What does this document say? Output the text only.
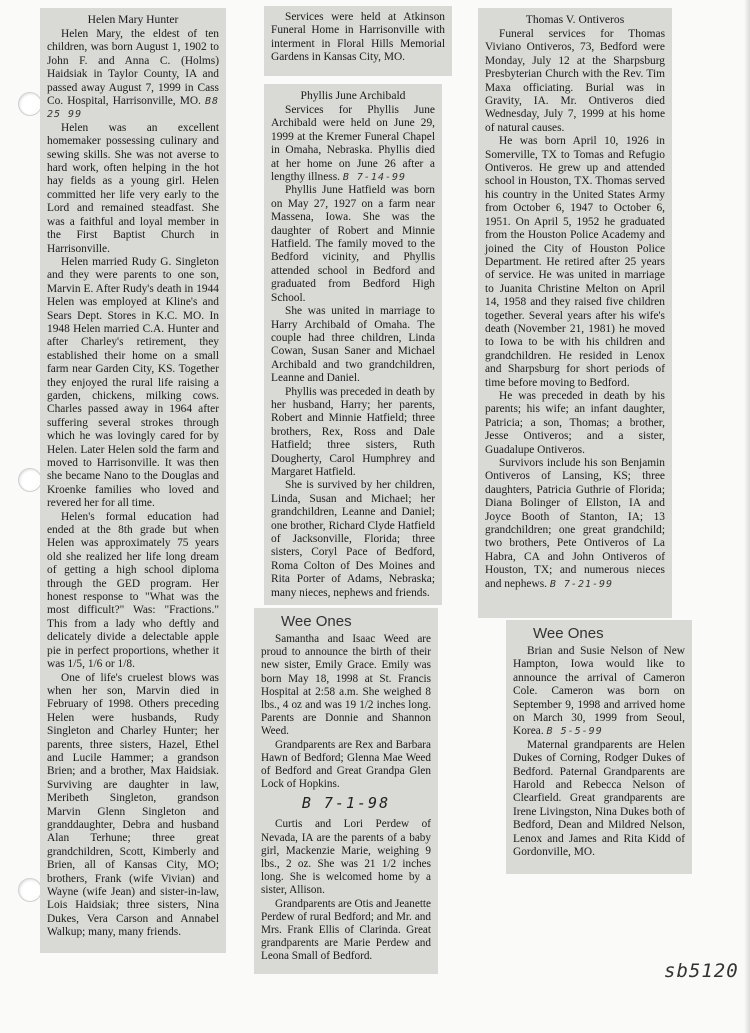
Helen Mary Hunter

Helen Mary, the eldest of ten children, was born August 1, 1902 to John F. and Anna C. (Holms) Haidsiak in Taylor County, IA and passed away August 7, 1999 in Cass Co. Hospital, Harrisonville, MO. B8 25 99

Helen was an excellent homemaker possessing culinary and sewing skills. She was not averse to hard work, often helping in the hot hay fields as a young girl. Helen committed her life very early to the Lord and remained steadfast. She was a faithful and loyal member in the First Baptist Church in Harrisonville.

Helen married Rudy G. Singleton and they were parents to one son, Marvin E. After Rudy's death in 1944 Helen was employed at Kline's and Sears Dept. Stores in K.C. MO. In 1948 Helen married C.A. Hunter and after Charley's retirement, they established their home on a small farm near Garden City, KS. Together they enjoyed the rural life raising a garden, chickens, milking cows. Charles passed away in 1964 after suffering several strokes through which he was lovingly cared for by Helen. Later Helen sold the farm and moved to Harrisonville. It was then she became Nano to the Douglas and Kroenke families who loved and revered her for all time.

Helen's formal education had ended at the 8th grade but when Helen was approximately 75 years old she realized her life long dream of getting a high school diploma through the GED program. Her honest response to "What was the most difficult?" Was: "Fractions." This from a lady who deftly and delicately divide a delectable apple pie in perfect proportions, whether it was 1/5, 1/6 or 1/8.

One of life's cruelest blows was when her son, Marvin died in February of 1998. Others preceding Helen were husbands, Rudy Singleton and Charley Hunter; her parents, three sisters, Hazel, Ethel and Lucile Hammer; a grandson Brien; and a brother, Max Haidsiak. Surviving are daughter in law, Meribeth Singleton, grandson Marvin Glenn Singleton and granddaughter, Debra and husband Alan Terhune; three great grandchildren, Scott, Kimberly and Brien, all of Kansas City, MO; brothers, Frank (wife Vivian) and Wayne (wife Jean) and sister-in-law, Lois Haidsiak; three sisters, Nina Dukes, Vera Carson and Annabel Walkup; many, many friends.

Services were held at Atkinson Funeral Home in Harrisonville with interment in Floral Hills Memorial Gardens in Kansas City, MO.

Phyllis June Archibald

Services for Phyllis June Archibald were held on June 29, 1999 at the Kremer Funeral Chapel in Omaha, Nebraska. Phyllis died at her home on June 26 after a lengthy illness. B 7-14-99

Phyllis June Hatfield was born on May 27, 1927 on a farm near Massena, Iowa. She was the daughter of Robert and Minnie Hatfield. The family moved to the Bedford vicinity, and Phyllis attended school in Bedford and graduated from Bedford High School.

She was united in marriage to Harry Archibald of Omaha. The couple had three children, Linda Cowan, Susan Saner and Michael Archibald and two grandchildren, Leanne and Daniel.

Phyllis was preceded in death by her husband, Harry; her parents, Robert and Minnie Hatfield; three brothers, Rex, Ross and Dale Hatfield; three sisters, Ruth Dougherty, Carol Humphrey and Margaret Hatfield.

She is survived by her children, Linda, Susan and Michael; her grandchildren, Leanne and Daniel; one brother, Richard Clyde Hatfield of Jacksonville, Florida; three sisters, Coryl Pace of Bedford, Roma Colton of Des Moines and Rita Porter of Adams, Nebraska; many nieces, nephews and friends.

Wee Ones

Samantha and Isaac Weed are proud to announce the birth of their new sister, Emily Grace. Emily was born May 18, 1998 at St. Francis Hospital at 2:58 a.m. She weighed 8 lbs., 4 oz and was 19 1/2 inches long. Parents are Donnie and Shannon Weed.

Grandparents are Rex and Barbara Hawn of Bedford; Glenna Mae Weed of Bedford and Great Grandpa Glen Lock of Hopkins.

B 7-1-98

Curtis and Lori Perdew of Nevada, IA are the parents of a baby girl, Mackenzie Marie, weighing 9 lbs., 2 oz. She was 21 1/2 inches long. She is welcomed home by a sister, Allison.

Grandparents are Otis and Jeanette Perdew of rural Bedford; and Mr. and Mrs. Frank Ellis of Clarinda. Great grandparents are Marie Perdew and Leona Small of Bedford.

Thomas V. Ontiveros

Funeral services for Thomas Viviano Ontiveros, 73, Bedford were Monday, July 12 at the Sharpsburg Presbyterian Church with the Rev. Tim Maxa officiating. Burial was in Gravity, IA. Mr. Ontiveros died Wednesday, July 7, 1999 at his home of natural causes.

He was born April 10, 1926 in Somerville, TX to Tomas and Refugio Ontiveros. He grew up and attended school in Houston, TX. Thomas served his country in the United States Army from October 6, 1947 to October 6, 1951. On April 5, 1952 he graduated from the Houston Police Academy and joined the City of Houston Police Department. He retired after 25 years of service. He was united in marriage to Juanita Christine Melton on April 14, 1958 and they raised five children together. Several years after his wife's death (November 21, 1981) he moved to Iowa to be with his children and grandchildren. He resided in Lenox and Sharpsburg for short periods of time before moving to Bedford.

He was preceded in death by his parents; his wife; an infant daughter, Patricia; a son, Thomas; a brother, Jesse Ontiveros; and a sister, Guadalupe Ontiveros.

Survivors include his son Benjamin Ontiveros of Lansing, KS; three daughters, Patricia Guthrie of Florida; Diana Bolinger of Ellston, IA and Joyce Booth of Stanton, IA; 13 grandchildren; one great grandchild; two brothers, Pete Ontiveros of La Habra, CA and John Ontiveros of Houston, TX; and numerous nieces and nephews. B 7-21-99

Wee Ones

Brian and Susie Nelson of New Hampton, Iowa would like to announce the arrival of Cameron Cole. Cameron was born on September 9, 1998 and arrived home on March 30, 1999 from Seoul, Korea. B 5-5-99

Maternal grandparents are Helen Dukes of Corning, Rodger Dukes of Bedford. Paternal Grandparents are Harold and Rebecca Nelson of Clearfield. Great grandparents are Irene Livingston, Nina Dukes both of Bedford, Dean and Mildred Nelson, Lenox and James and Rita Kidd of Gordonville, MO.

sb5120
